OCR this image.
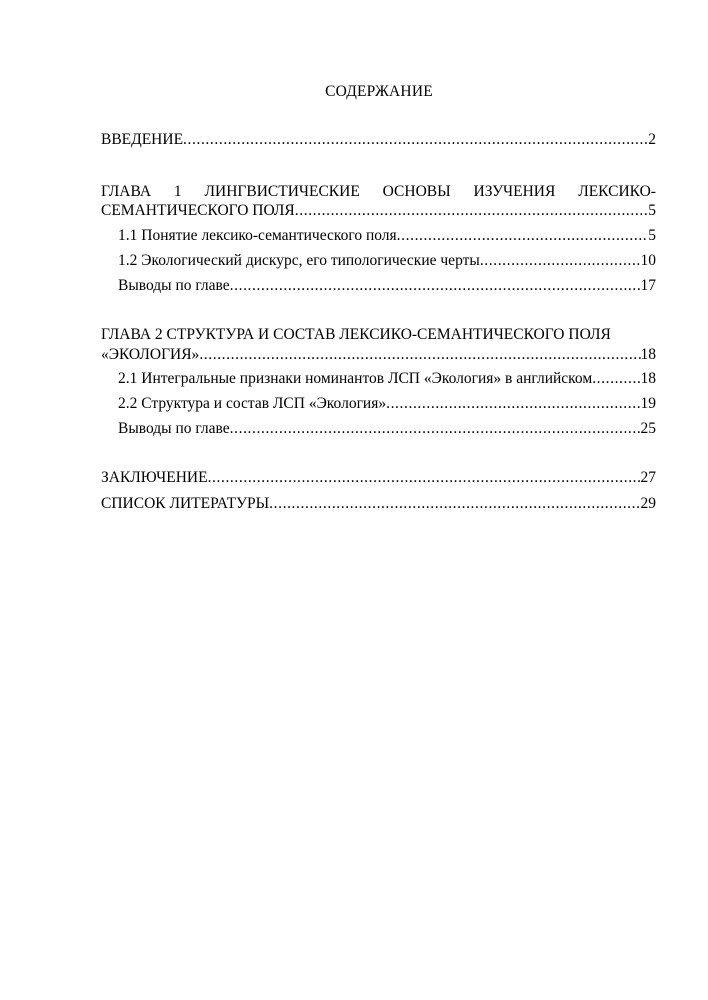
СОДЕРЖАНИЕ
ВВЕДЕНИЕ .....	2
ГЛАВА 1 ЛИНГВИСТИЧЕСКИЕ ОСНОВЫ ИЗУЧЕНИЯ ЛЕКСИКО-
СЕМАНТИЧЕСКОГО ПОЛЯ .....	5
1.1 Понятие лексико-семантического поля .....	5
1.2 Экологический дискурс, его типологические черты .....	10
Выводы по главе .....	17
ГЛАВА 2 СТРУКТУРА И СОСТАВ ЛЕКСИКО-СЕМАНТИЧЕСКОГО ПОЛЯ
«ЭКОЛОГИЯ» .....	18
2.1 Интегральные признаки номинантов ЛСП «Экология» в английском .....	18
2.2 Структура и состав ЛСП «Экология» .....	19
Выводы по главе .....	25
ЗАКЛЮЧЕНИЕ .....	27
СПИСОК ЛИТЕРАТУРЫ .....	29
